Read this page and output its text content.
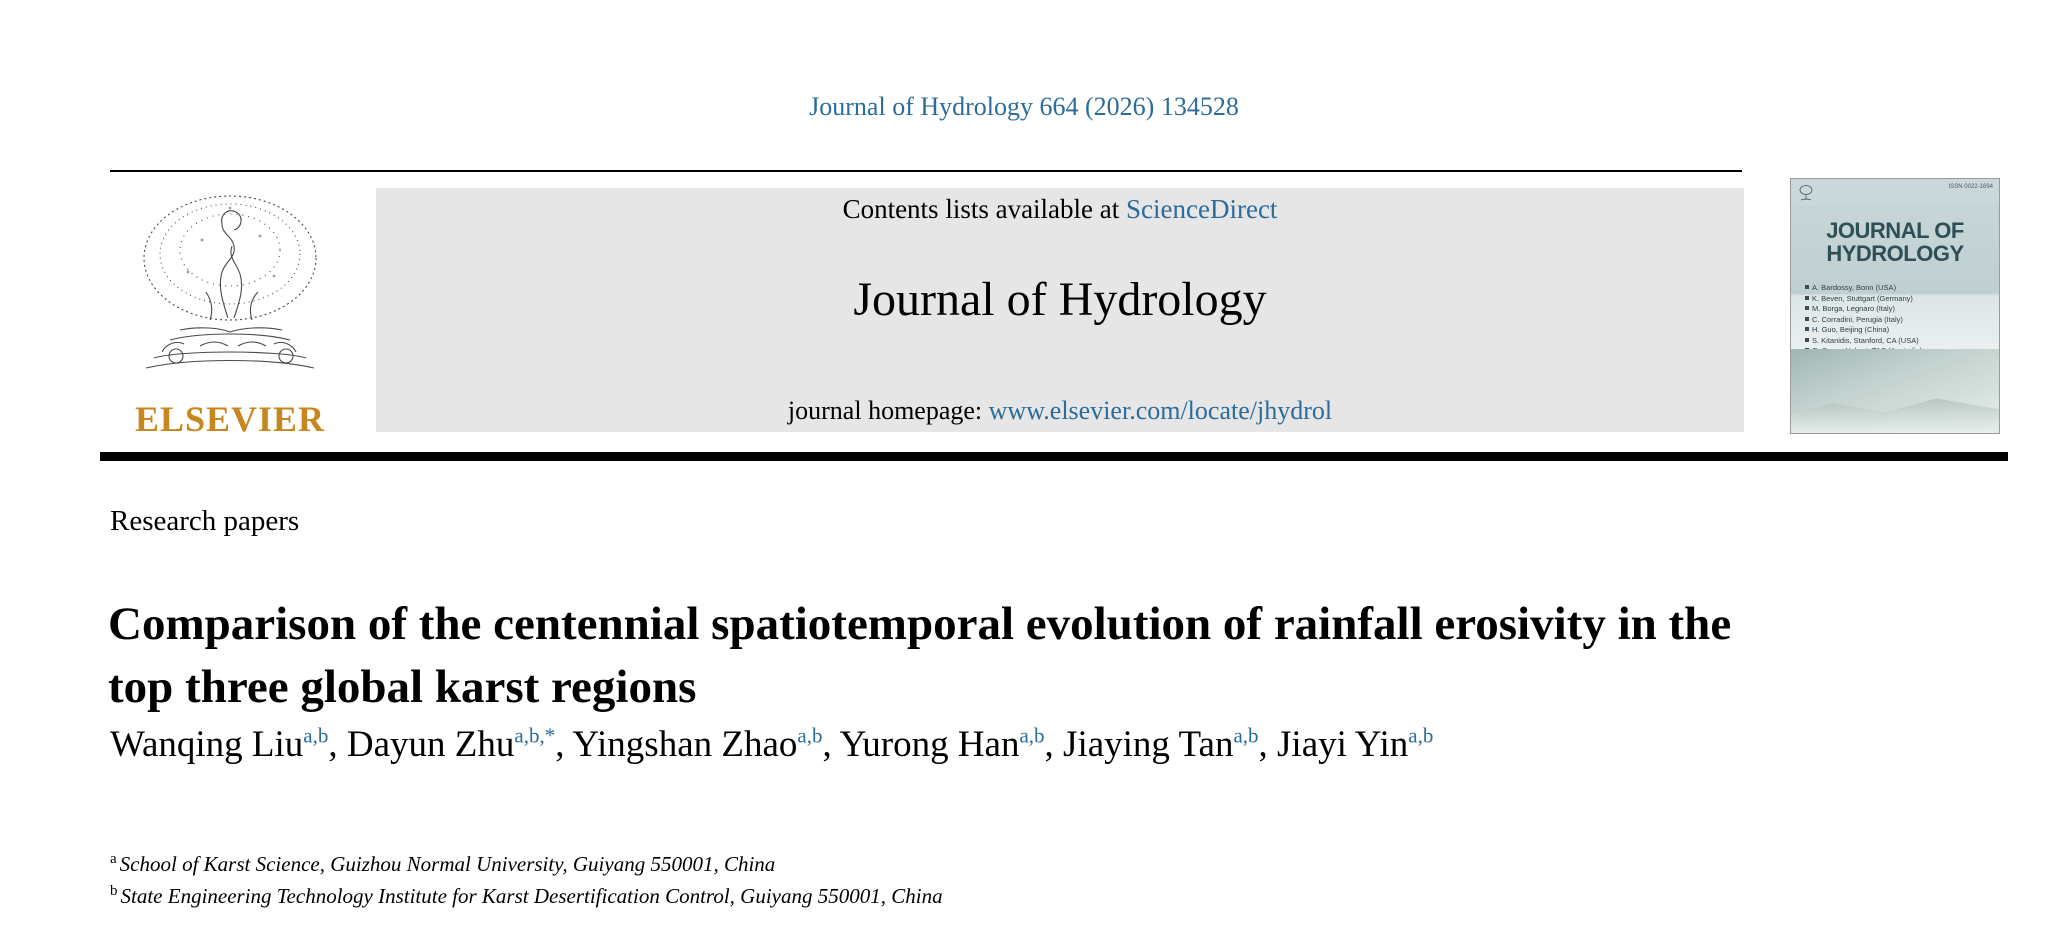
Journal of Hydrology 664 (2026) 134528
ELSEVIER
Contents lists available at ScienceDirect
Journal of Hydrology
journal homepage: www.elsevier.com/locate/jhydrol
ISSN 0022-1694
JOURNAL OF
HYDROLOGY
A. Bardossy, Bonn (USA)
K. Beven, Stuttgart (Germany)
M. Borga, Legnaro (Italy)
C. Corradini, Perugia (Italy)
H. Guo, Beijing (China)
S. Kitanidis, Stanford, CA (USA)
Research papers
Comparison of the centennial spatiotemporal evolution of rainfall erosivity in the top three global karst regions
Wanqing Liu$^{a,b}$, Dayun Zhu$^{a,b,*}$, Yingshan Zhao$^{a,b}$, Yurong Han$^{a,b}$, Jiaying Tan$^{a,b}$, Jiayi Yin$^{a,b}$
$^a$ School of Karst Science, Guizhou Normal University, Guiyang 550001, China
$^b$ State Engineering Technology Institute for Karst Desertification Control, Guiyang 550001, China
